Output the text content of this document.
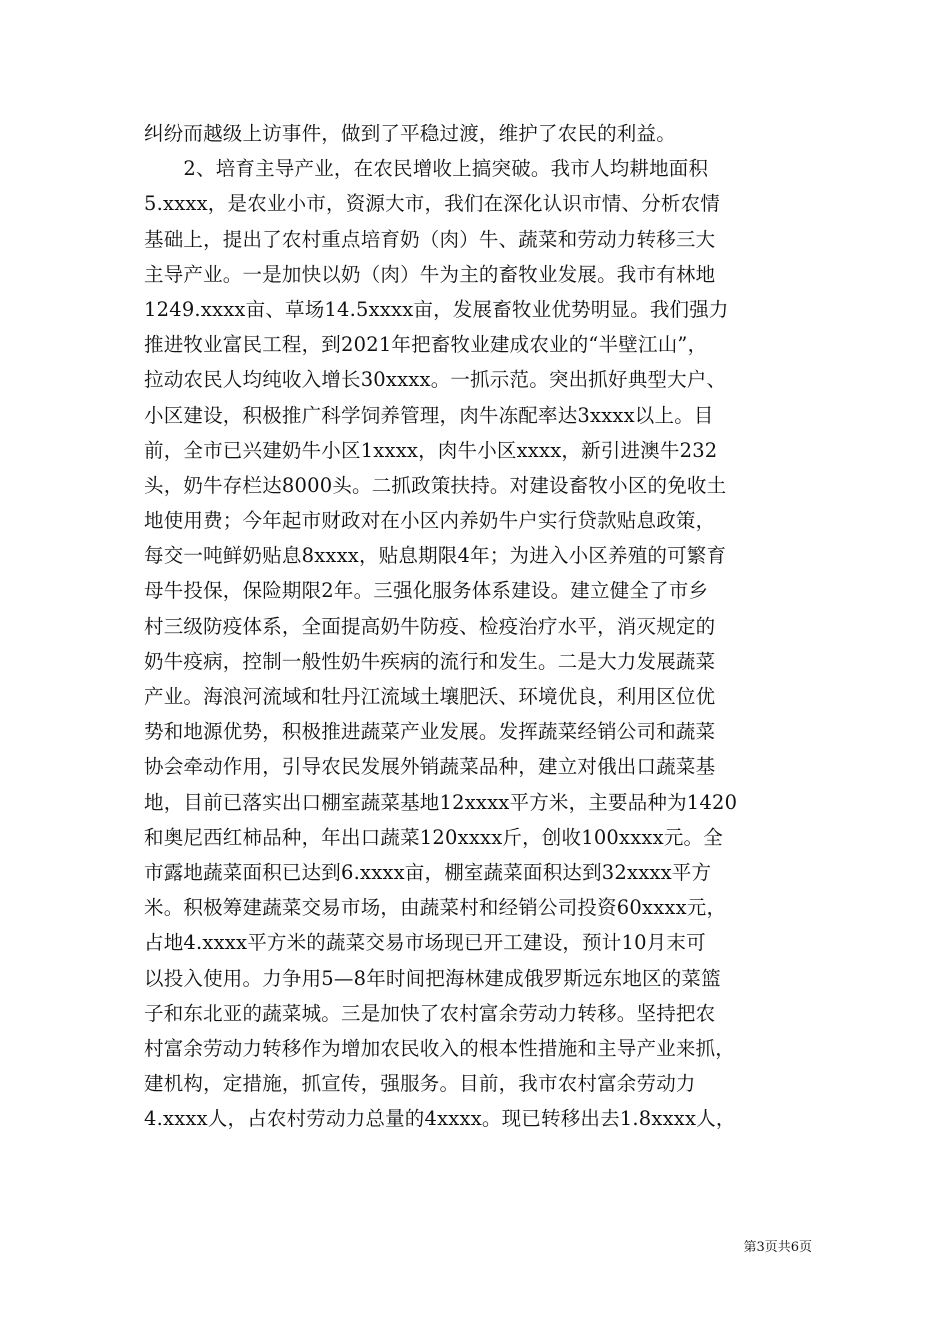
纠纷而越级上访事件，做到了平稳过渡，维护了农民的利益。
　　2、培育主导产业，在农民增收上搞突破。我市人均耕地面积
5.xxxx，是农业小市，资源大市，我们在深化认识市情、分析农情
基础上，提出了农村重点培育奶（肉）牛、蔬菜和劳动力转移三大
主导产业。一是加快以奶（肉）牛为主的畜牧业发展。我市有林地
1249.xxxx亩、草场14.5xxxx亩，发展畜牧业优势明显。我们强力
推进牧业富民工程，到2021年把畜牧业建成农业的“半壁江山”，
拉动农民人均纯收入增长30xxxx。一抓示范。突出抓好典型大户、
小区建设，积极推广科学饲养管理，肉牛冻配率达3xxxx以上。目
前，全市已兴建奶牛小区1xxxx，肉牛小区xxxx，新引进澳牛232
头，奶牛存栏达8000头。二抓政策扶持。对建设畜牧小区的免收土
地使用费；今年起市财政对在小区内养奶牛户实行贷款贴息政策，
每交一吨鲜奶贴息8xxxx，贴息期限4年；为进入小区养殖的可繁育
母牛投保，保险期限2年。三强化服务体系建设。建立健全了市乡
村三级防疫体系，全面提高奶牛防疫、检疫治疗水平，消灭规定的
奶牛疫病，控制一般性奶牛疾病的流行和发生。二是大力发展蔬菜
产业。海浪河流域和牡丹江流域土壤肥沃、环境优良，利用区位优
势和地源优势，积极推进蔬菜产业发展。发挥蔬菜经销公司和蔬菜
协会牵动作用，引导农民发展外销蔬菜品种，建立对俄出口蔬菜基
地，目前已落实出口棚室蔬菜基地12xxxx平方米，主要品种为1420
和奥尼西红柿品种，年出口蔬菜120xxxx斤，创收100xxxx元。全
市露地蔬菜面积已达到6.xxxx亩，棚室蔬菜面积达到32xxxx平方
米。积极筹建蔬菜交易市场，由蔬菜村和经销公司投资60xxxx元，
占地4.xxxx平方米的蔬菜交易市场现已开工建设，预计10月末可
以投入使用。力争用5—8年时间把海林建成俄罗斯远东地区的菜篮
子和东北亚的蔬菜城。三是加快了农村富余劳动力转移。坚持把农
村富余劳动力转移作为增加农民收入的根本性措施和主导产业来抓，
建机构，定措施，抓宣传，强服务。目前，我市农村富余劳动力
4.xxxx人，占农村劳动力总量的4xxxx。现已转移出去1.8xxxx人，
第3页共6页
